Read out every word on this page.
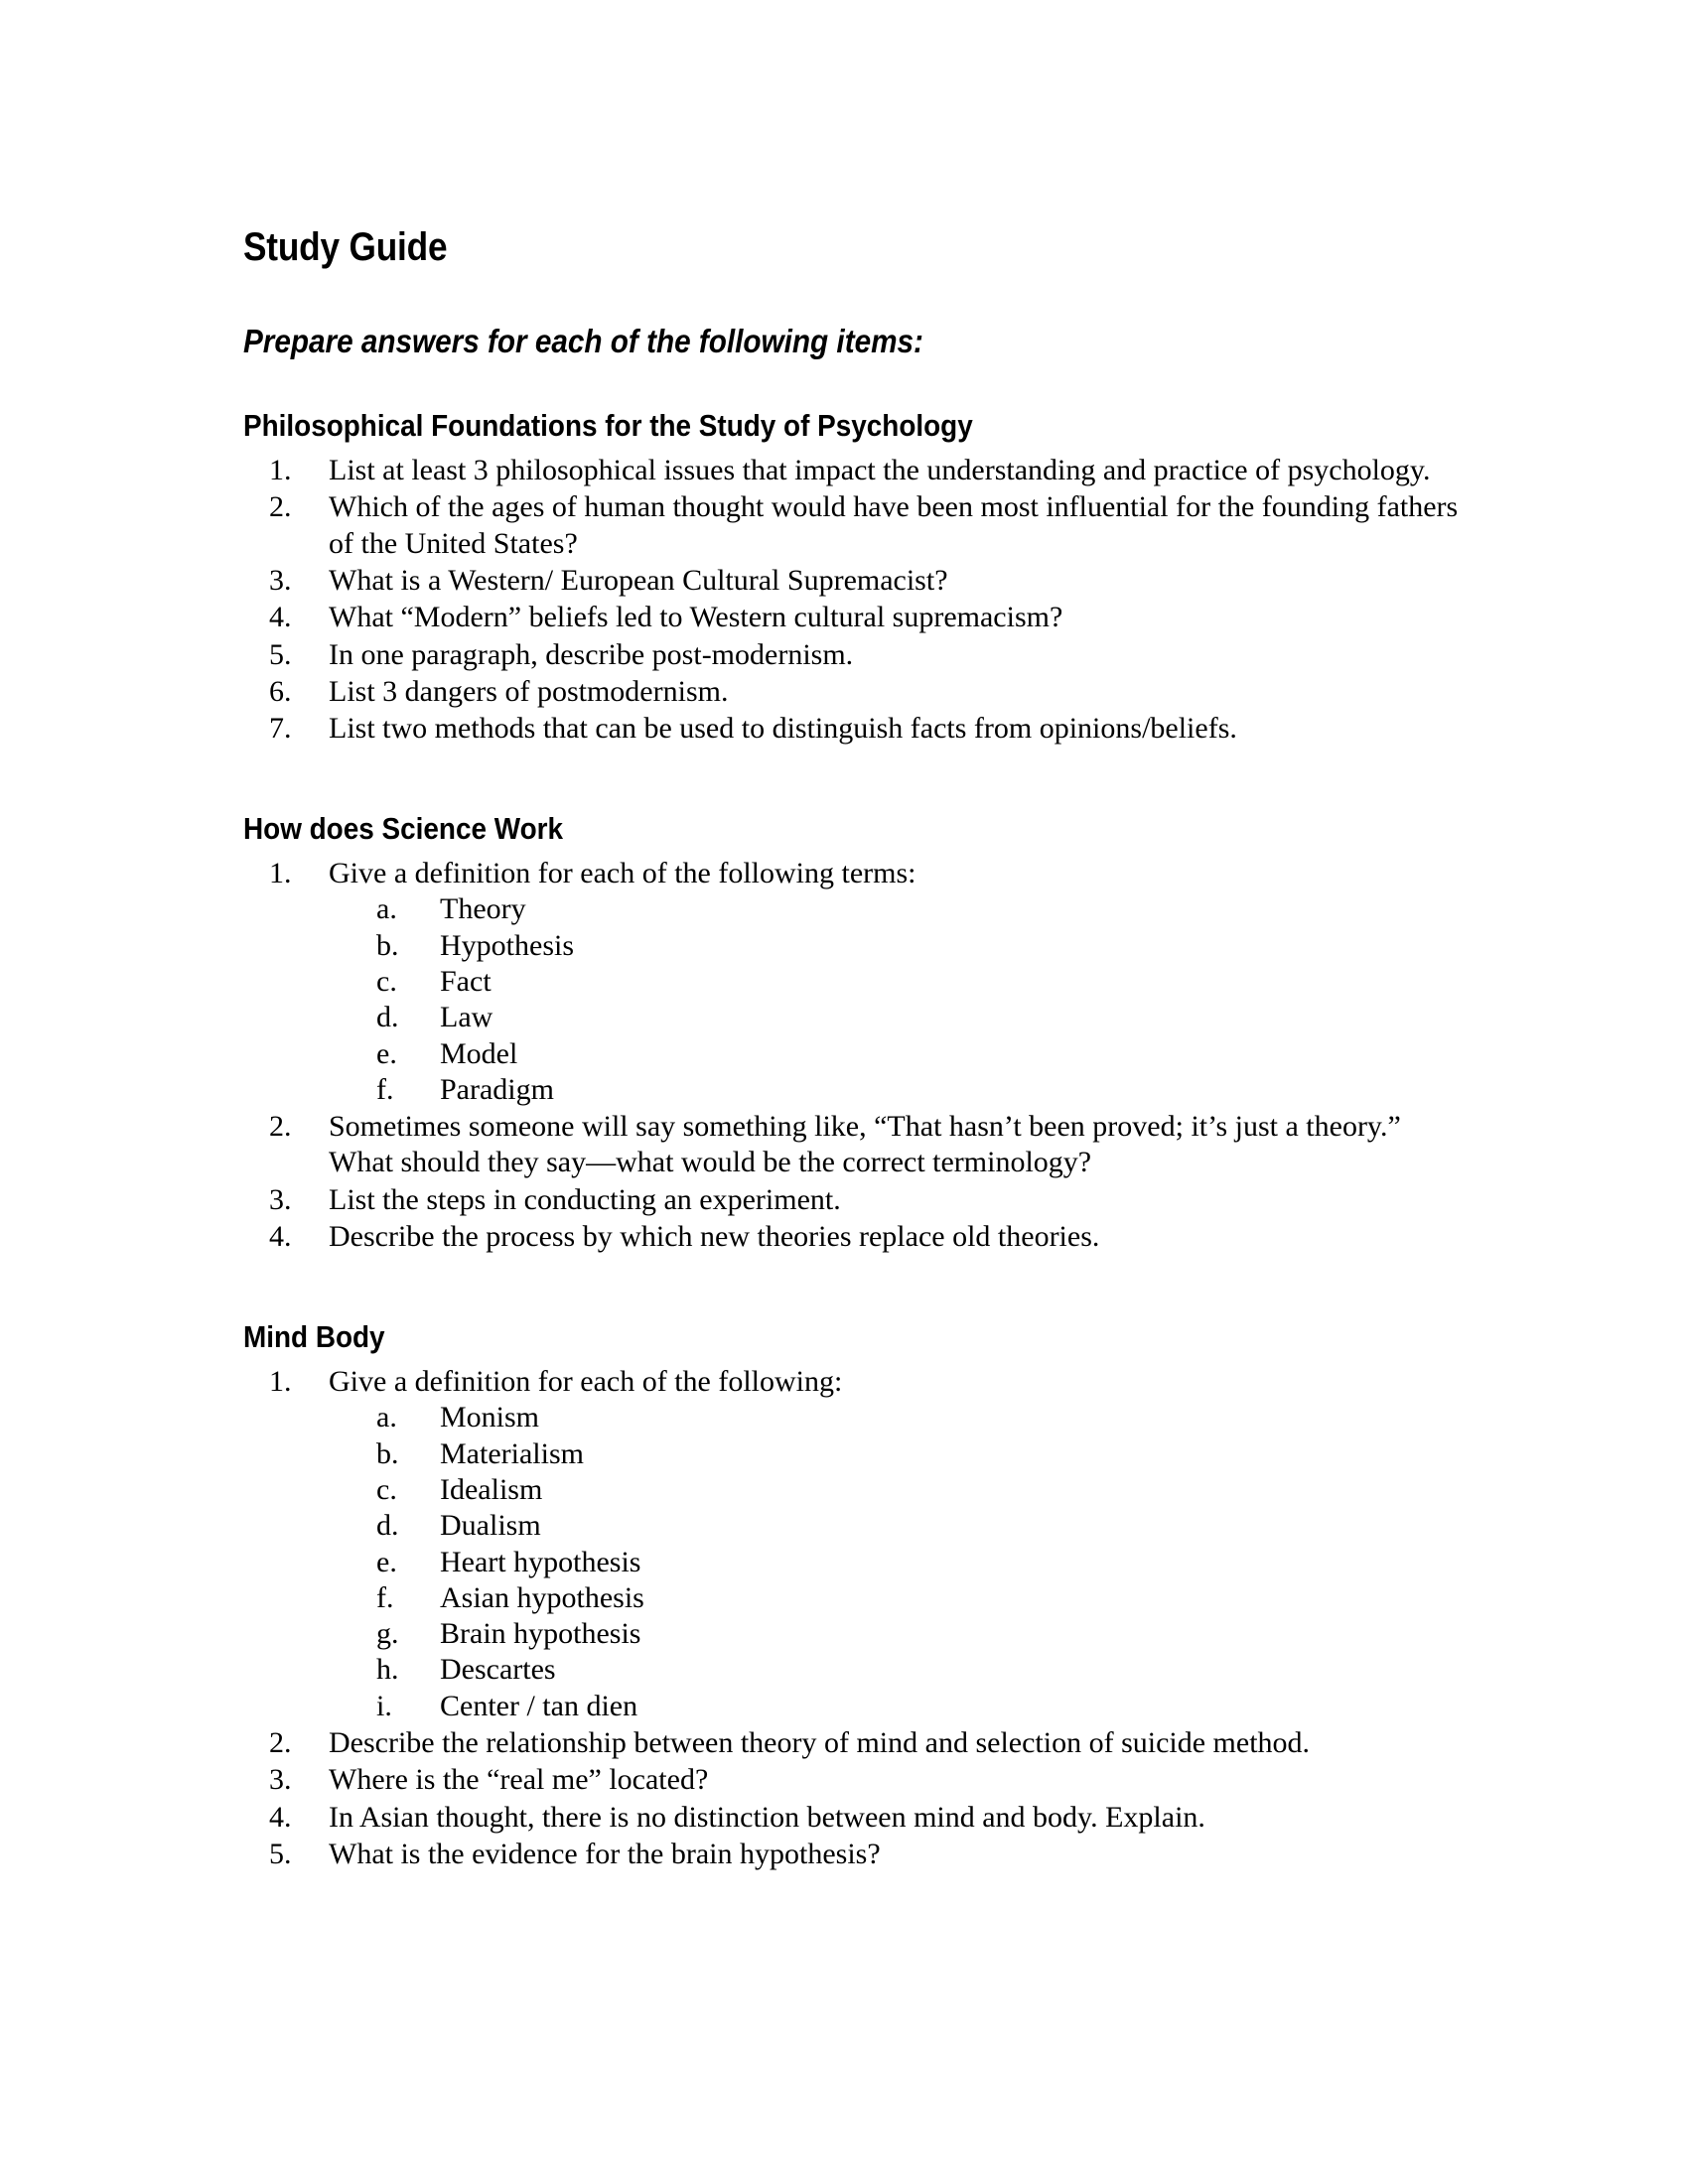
Study Guide
Prepare answers for each of the following items:
Philosophical Foundations for the Study of Psychology
1.	List at least 3 philosophical issues that impact the understanding and practice of psychology.
2.	Which of the ages of human thought would have been most influential for the founding fathers of the United States?
3.	What is a Western/ European Cultural Supremacist?
4.	What “Modern” beliefs led to Western cultural supremacism?
5.	In one paragraph, describe post-modernism.
6.	List 3 dangers of postmodernism.
7.	List two methods that can be used to distinguish facts from opinions/beliefs.
How does Science Work
1.	Give a definition for each of the following terms:
a.	Theory
b.	Hypothesis
c.	Fact
d.	Law
e.	Model
f.	Paradigm
2.	Sometimes someone will say something like, “That hasn’t been proved; it’s just a theory.” What should they say—what would be the correct terminology?
3.	List the steps in conducting an experiment.
4.	Describe the process by which new theories replace old theories.
Mind Body
1.	Give a definition for each of the following:
a.	Monism
b.	Materialism
c.	Idealism
d.	Dualism
e.	Heart hypothesis
f.	Asian hypothesis
g.	Brain hypothesis
h.	Descartes
i.	Center / tan dien
2.	Describe the relationship between theory of mind and selection of suicide method.
3.	Where is the “real me” located?
4.	In Asian thought, there is no distinction between mind and body. Explain.
5.	What is the evidence for the brain hypothesis?
